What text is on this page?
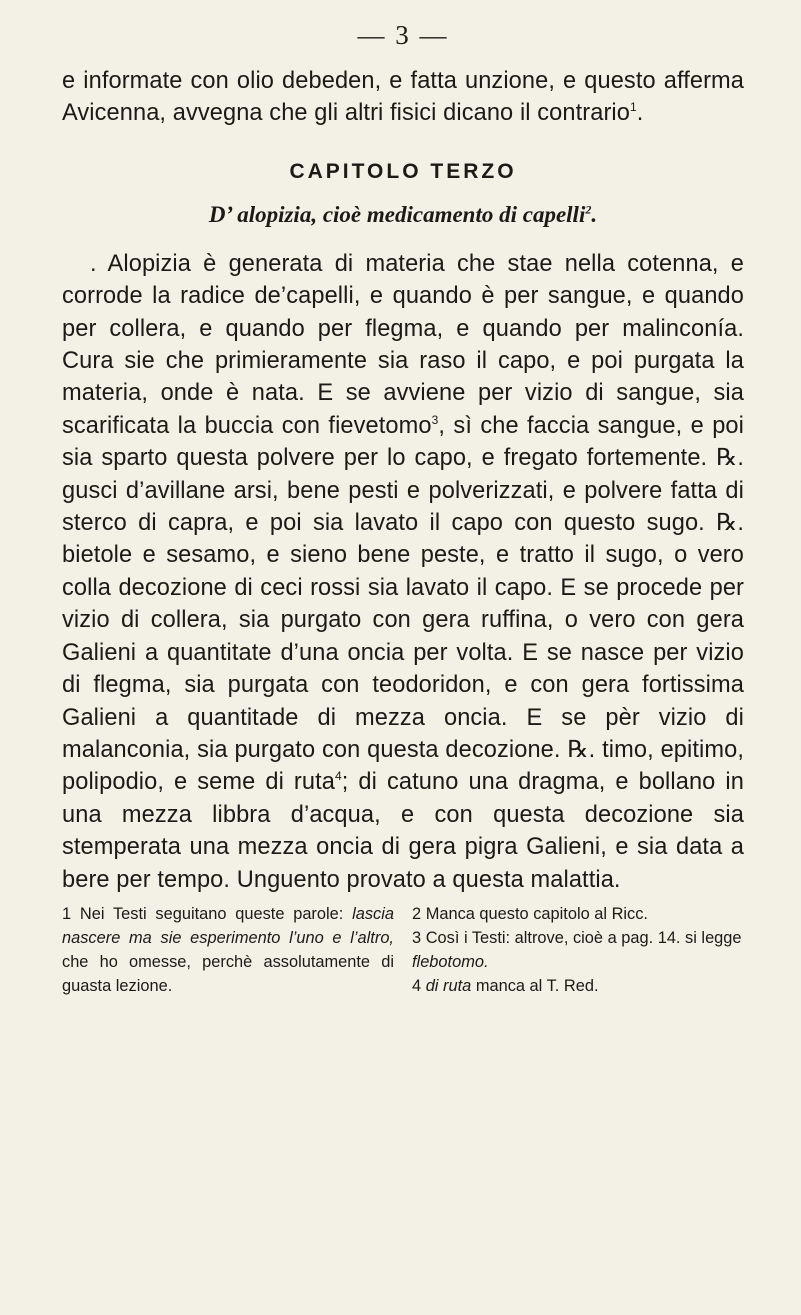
— 3 —

e informate con olio debeden, e fatta unzione, e questo afferma Avicenna, avvegna che gli altri fisici dicano il contrario$^1$.

CAPITOLO TERZO
D’ alopizia, cioè medicamento di capelli$^2$.

. Alopizia è generata di materia che stae nella cotenna, e corrode la radice de’capelli, e quando è per sangue, e quando per collera, e quando per flegma, e quando per malinconía. Cura sie che primieramente sia raso il capo, e poi purgata la materia, onde è nata. E se avviene per vizio di sangue, sia scarificata la buccia con fievetomo$^3$, sì che faccia sangue, e poi sia sparto questa polvere per lo capo, e fregato fortemente. ℞. gusci d’avillane arsi, bene pesti e polverizzati, e polvere fatta di sterco di capra, e poi sia lavato il capo con questo sugo. ℞. bietole e sesamo, e sieno bene peste, e tratto il sugo, o vero colla decozione di ceci rossi sia lavato il capo. E se procede per vizio di collera, sia purgato con gera ruffina, o vero con gera Galieni a quantitate d’una oncia per volta. E se nasce per vizio di flegma, sia purgata con teodoridon, e con gera fortissima Galieni a quantitade di mezza oncia. E se pèr vizio di malanconia, sia purgato con questa decozione. ℞. timo, epitimo, polipodio, e seme di ruta$^4$; di catuno una dragma, e bollano in una mezza libbra d’acqua, e con questa decozione sia stemperata una mezza oncia di gera pigra Galieni, e sia data a bere per tempo. Unguento provato a questa malattia.

1 Nei Testi seguitano queste parole: lascia nascere ma sie esperimento l’uno e l’altro, che ho omesse, perchè assolutamente di guasta lezione.

2 Manca questo capitolo al Ricc.

3 Così i Testi: altrove, cioè a pag. 14. si legge flebotomo.

4 di ruta manca al T. Red.
